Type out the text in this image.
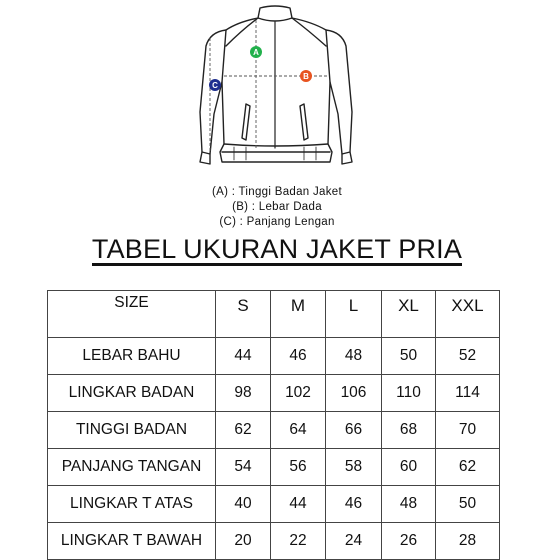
A
B
C
(A) : Tinggi Badan Jaket
(B) : Lebar Dada
(C) : Panjang Lengan
TABEL UKURAN JAKET PRIA
SIZE	S	M	L	XL	XXL
LEBAR BAHU	44	46	48	50	52
LINGKAR BADAN	98	102	106	110	114
TINGGI BADAN	62	64	66	68	70
PANJANG TANGAN	54	56	58	60	62
LINGKAR T ATAS	40	44	46	48	50
LINGKAR T BAWAH	20	22	24	26	28
